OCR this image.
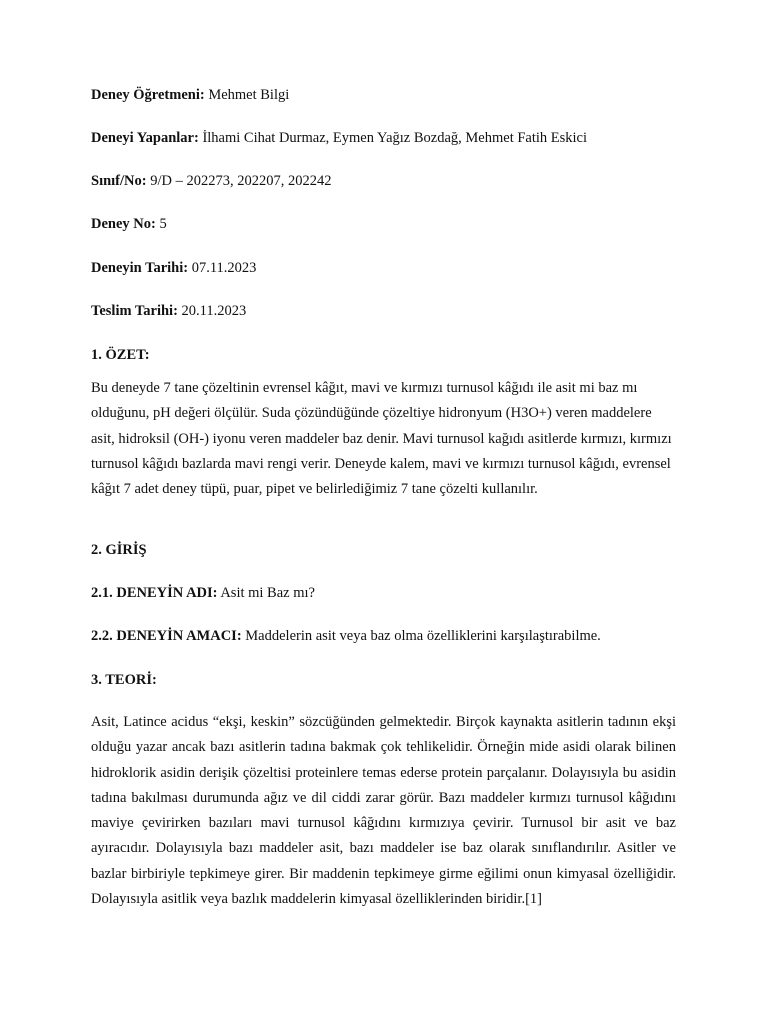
Deney Öğretmeni: Mehmet Bilgi
Deneyi Yapanlar: İlhami Cihat Durmaz, Eymen Yağız Bozdağ, Mehmet Fatih Eskici
Sınıf/No: 9/D – 202273, 202207, 202242
Deney No: 5
Deneyin Tarihi: 07.11.2023
Teslim Tarihi: 20.11.2023
1. ÖZET:
Bu deneyde 7 tane çözeltinin evrensel kâğıt, mavi ve kırmızı turnusol kâğıdı ile asit mi baz mı olduğunu, pH değeri ölçülür. Suda çözündüğünde çözeltiye hidronyum (H3O+) veren maddelere asit, hidroksil (OH-) iyonu veren maddeler baz denir. Mavi turnusol kağıdı asitlerde kırmızı, kırmızı turnusol kâğıdı bazlarda mavi rengi verir. Deneyde kalem, mavi ve kırmızı turnusol kâğıdı, evrensel kâğıt 7 adet deney tüpü, puar, pipet ve belirlediğimiz 7 tane çözelti kullanılır.
2. GİRİŞ
2.1. DENEYİN ADI: Asit mi Baz mı?
2.2. DENEYİN AMACI: Maddelerin asit veya baz olma özelliklerini karşılaştırabilme.
3. TEORİ:
Asit, Latince acidus “ekşi, keskin” sözcüğünden gelmektedir. Birçok kaynakta asitlerin tadının ekşi olduğu yazar ancak bazı asitlerin tadına bakmak çok tehlikelidir. Örneğin mide asidi olarak bilinen hidroklorik asidin derişik çözeltisi proteinlere temas ederse protein parçalanır. Dolayısıyla bu asidin tadına bakılması durumunda ağız ve dil ciddi zarar görür. Bazı maddeler kırmızı turnusol kâğıdını maviye çevirirken bazıları mavi turnusol kâğıdını kırmızıya çevirir. Turnusol bir asit ve baz ayıracıdır. Dolayısıyla bazı maddeler asit, bazı maddeler ise baz olarak sınıflandırılır. Asitler ve bazlar birbiriyle tepkimeye girer. Bir maddenin tepkimeye girme eğilimi onun kimyasal özelliğidir. Dolayısıyla asitlik veya bazlık maddelerin kimyasal özelliklerinden biridir.[1]
